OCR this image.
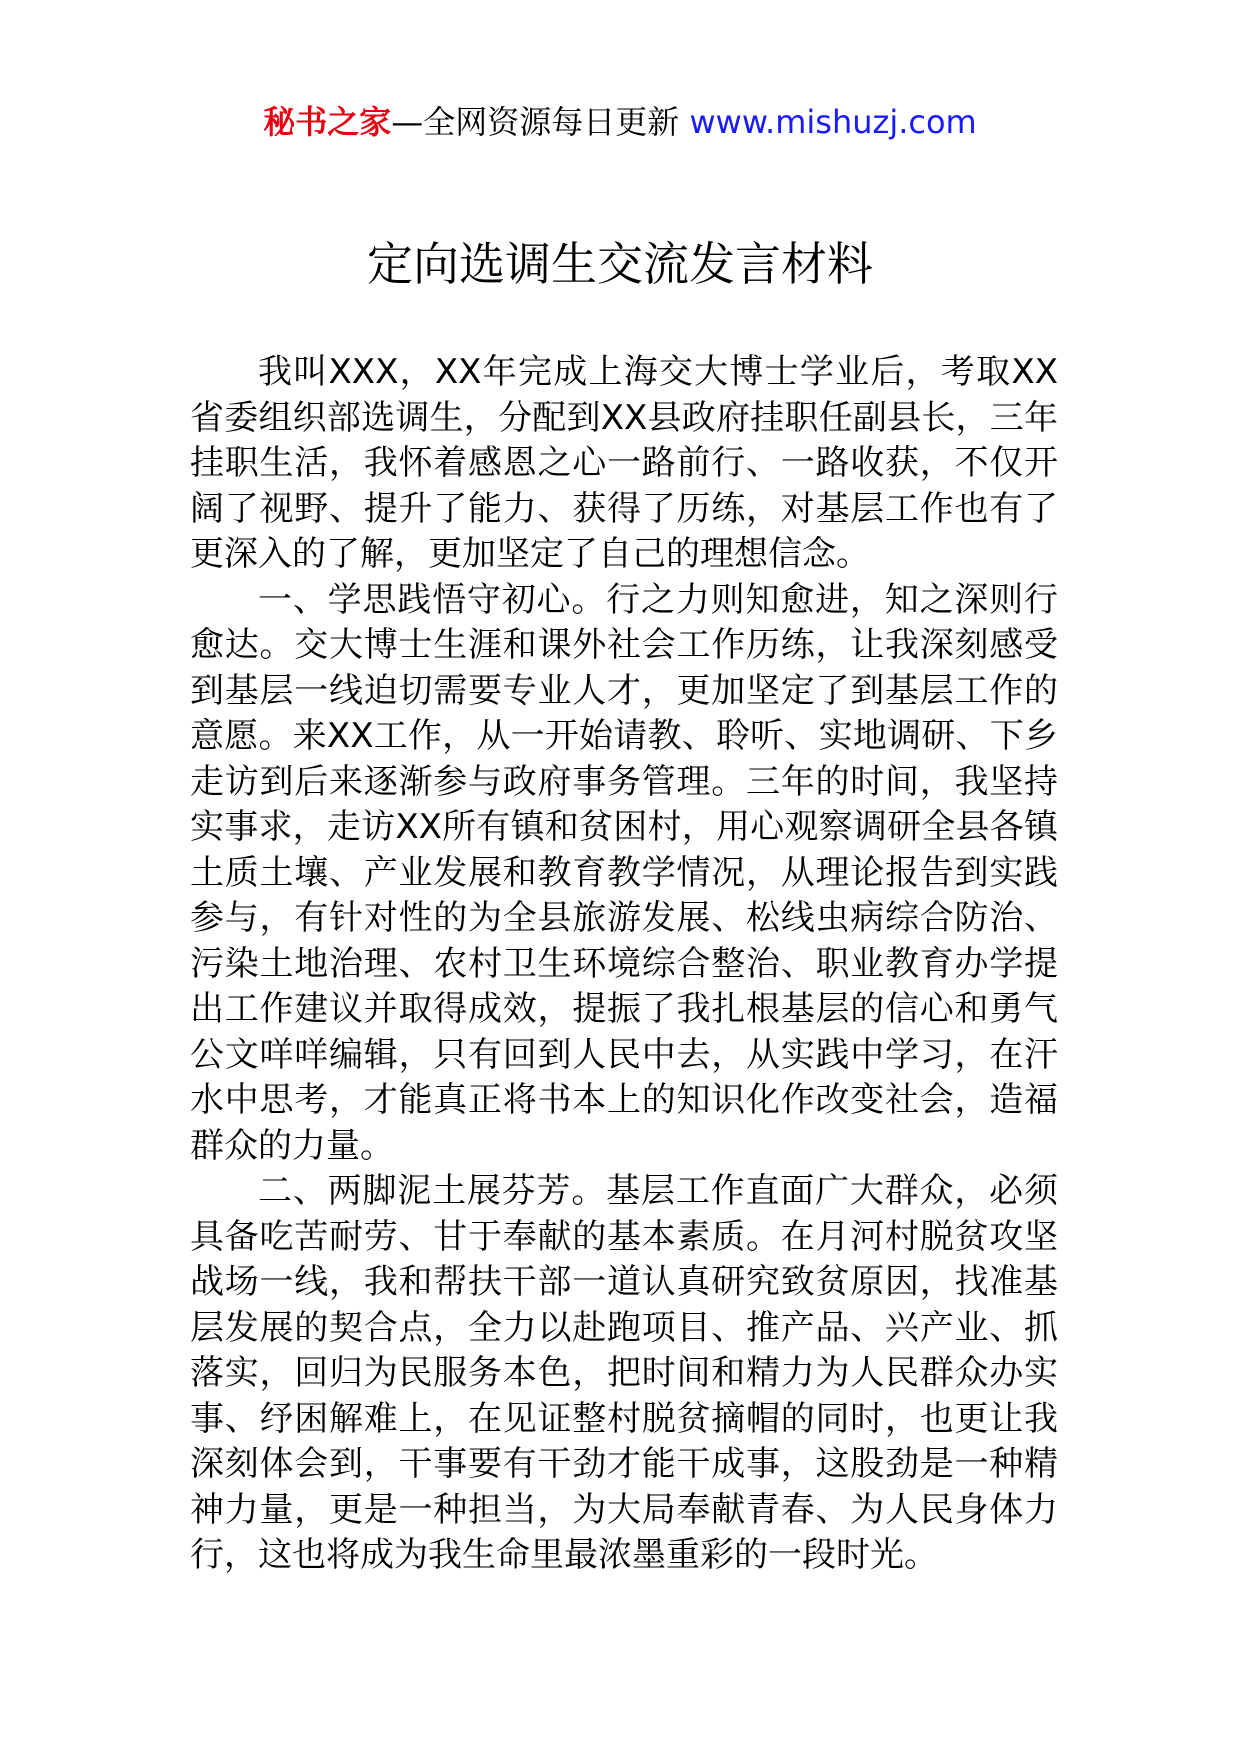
秘书之家—全网资源每日更新 www.mishuzj.com
定向选调生交流发言材料

我叫XXX，XX年完成上海交大博士学业后，考取XX省委组织部选调生，分配到XX县政府挂职任副县长，三年挂职生活，我怀着感恩之心一路前行、一路收获，不仅开阔了视野、提升了能力、获得了历练，对基层工作也有了更深入的了解，更加坚定了自己的理想信念。

一、学思践悟守初心。行之力则知愈进，知之深则行愈达。交大博士生涯和课外社会工作历练，让我深刻感受到基层一线迫切需要专业人才，更加坚定了到基层工作的意愿。来XX工作，从一开始请教、聆听、实地调研、下乡走访到后来逐渐参与政府事务管理。三年的时间，我坚持实事求，走访XX所有镇和贫困村，用心观察调研全县各镇土质土壤、产业发展和教育教学情况，从理论报告到实践参与，有针对性的为全县旅游发展、松线虫病综合防治、污染土地治理、农村卫生环境综合整治、职业教育办学提出工作建议并取得成效，提振了我扎根基层的信心和勇气公文咩咩编辑，只有回到人民中去，从实践中学习，在汗水中思考，才能真正将书本上的知识化作改变社会，造福群众的力量。

二、两脚泥土展芬芳。基层工作直面广大群众，必须具备吃苦耐劳、甘于奉献的基本素质。在月河村脱贫攻坚战场一线，我和帮扶干部一道认真研究致贫原因，找准基层发展的契合点，全力以赴跑项目、推产品、兴产业、抓落实，回归为民服务本色，把时间和精力为人民群众办实事、纾困解难上，在见证整村脱贫摘帽的同时，也更让我深刻体会到，干事要有干劲才能干成事，这股劲是一种精神力量，更是一种担当，为大局奉献青春、为人民身体力行，这也将成为我生命里最浓墨重彩的一段时光。
